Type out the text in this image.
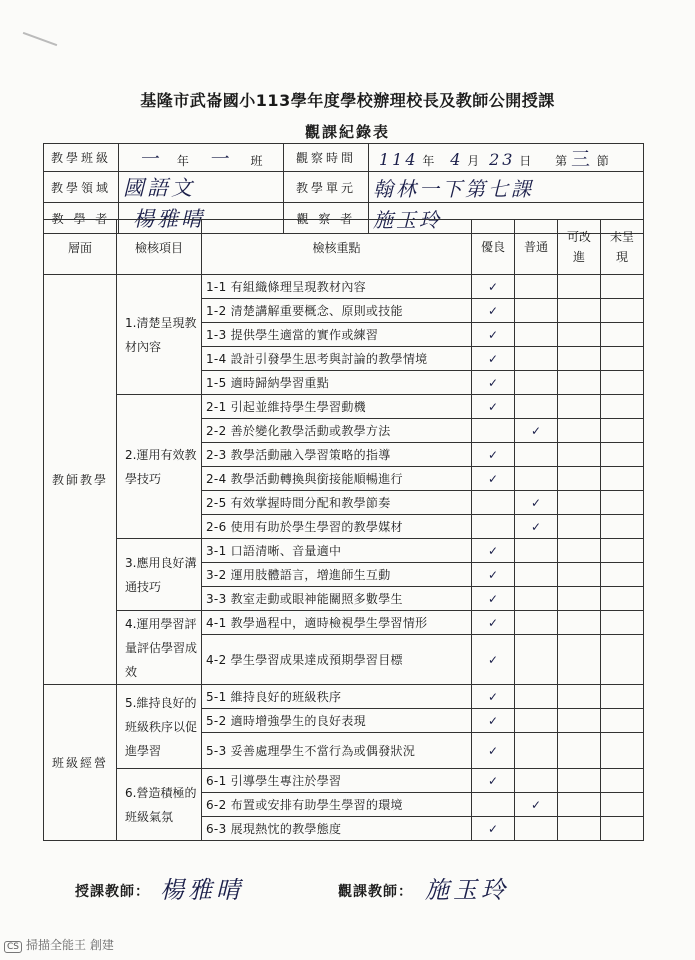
基隆市武崙國小113學年度學校辦理校長及教師公開授課
觀課紀錄表
教學班級	一 年 一 班	觀察時間	114 年 4 月 23 日 第 三 節
教學領域	國語文	教學單元	翰林一下第七課
教 學 者	楊雅晴	觀 察 者	施玉玲
層面	檢核項目	檢核重點	優良	普通	可改進	未呈現
教師教學	1.清楚呈現教材內容	1-1 有組織條理呈現教材內容	✓			
		1-2 清楚講解重要概念、原則或技能	✓			
		1-3 提供學生適當的實作或練習	✓			
		1-4 設計引發學生思考與討論的教學情境	✓			
		1-5 適時歸納學習重點	✓			
	2.運用有效教學技巧	2-1 引起並維持學生學習動機	✓			
		2-2 善於變化教學活動或教學方法		✓		
		2-3 教學活動融入學習策略的指導	✓			
		2-4 教學活動轉換與銜接能順暢進行	✓			
		2-5 有效掌握時間分配和教學節奏		✓		
		2-6 使用有助於學生學習的教學媒材		✓		
	3.應用良好溝通技巧	3-1 口語清晰、音量適中	✓			
		3-2 運用肢體語言，增進師生互動	✓			
		3-3 教室走動或眼神能關照多數學生	✓			
	4.運用學習評量評估學習成效	4-1 教學過程中，適時檢視學生學習情形	✓			
		4-2 學生學習成果達成預期學習目標	✓			
班級經營	5.維持良好的班級秩序以促進學習	5-1 維持良好的班級秩序	✓			
		5-2 適時增強學生的良好表現	✓			
		5-3 妥善處理學生不當行為或偶發狀況	✓			
	6.營造積極的班級氣氛	6-1 引導學生專注於學習	✓			
		6-2 布置或安排有助學生學習的環境		✓		
		6-3 展現熱忱的教學態度	✓			
授課教師： 楊雅晴	觀課教師： 施玉玲
CS 掃描全能王 創建
